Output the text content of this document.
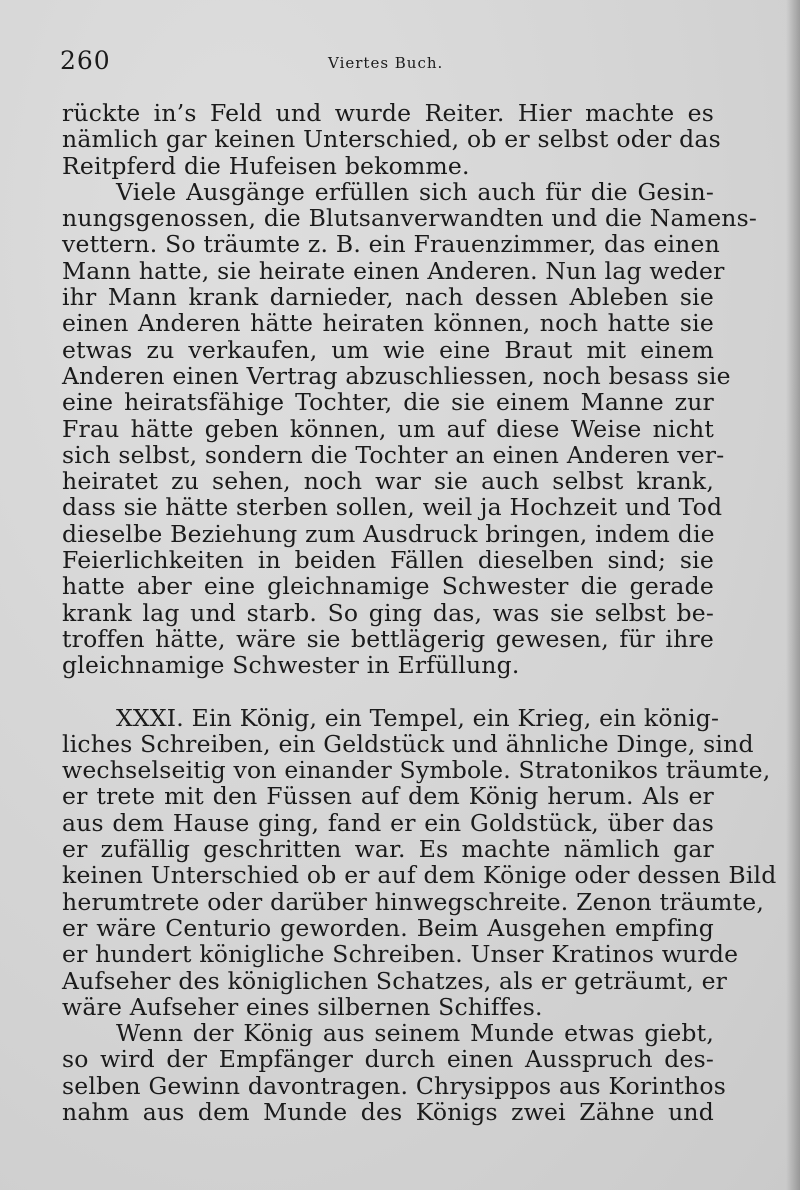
260	Viertes Buch.
rückte in’s Feld und wurde Reiter. Hier machte es
nämlich gar keinen Unterschied, ob er selbst oder das
Reitpferd die Hufeisen bekomme.
Viele Ausgänge erfüllen sich auch für die Gesin-
nungsgenossen, die Blutsanverwandten und die Namens-
vettern. So träumte z. B. ein Frauenzimmer, das einen
Mann hatte, sie heirate einen Anderen. Nun lag weder
ihr Mann krank darnieder, nach dessen Ableben sie
einen Anderen hätte heiraten können, noch hatte sie
etwas zu verkaufen, um wie eine Braut mit einem
Anderen einen Vertrag abzuschliessen, noch besass sie
eine heiratsfähige Tochter, die sie einem Manne zur
Frau hätte geben können, um auf diese Weise nicht
sich selbst, sondern die Tochter an einen Anderen ver-
heiratet zu sehen, noch war sie auch selbst krank,
dass sie hätte sterben sollen, weil ja Hochzeit und Tod
dieselbe Beziehung zum Ausdruck bringen, indem die
Feierlichkeiten in beiden Fällen dieselben sind; sie
hatte aber eine gleichnamige Schwester die gerade
krank lag und starb. So ging das, was sie selbst be-
troffen hätte, wäre sie bettlägerig gewesen, für ihre
gleichnamige Schwester in Erfüllung.
XXXI. Ein König, ein Tempel, ein Krieg, ein könig-
liches Schreiben, ein Geldstück und ähnliche Dinge, sind
wechselseitig von einander Symbole. Stratonikos träumte,
er trete mit den Füssen auf dem König herum. Als er
aus dem Hause ging, fand er ein Goldstück, über das
er zufällig geschritten war. Es machte nämlich gar
keinen Unterschied ob er auf dem Könige oder dessen Bild
herumtrete oder darüber hinwegschreite. Zenon träumte,
er wäre Centurio geworden. Beim Ausgehen empfing
er hundert königliche Schreiben. Unser Kratinos wurde
Aufseher des königlichen Schatzes, als er geträumt, er
wäre Aufseher eines silbernen Schiffes.
Wenn der König aus seinem Munde etwas giebt,
so wird der Empfänger durch einen Ausspruch des-
selben Gewinn davontragen. Chrysippos aus Korinthos
nahm aus dem Munde des Königs zwei Zähne und
